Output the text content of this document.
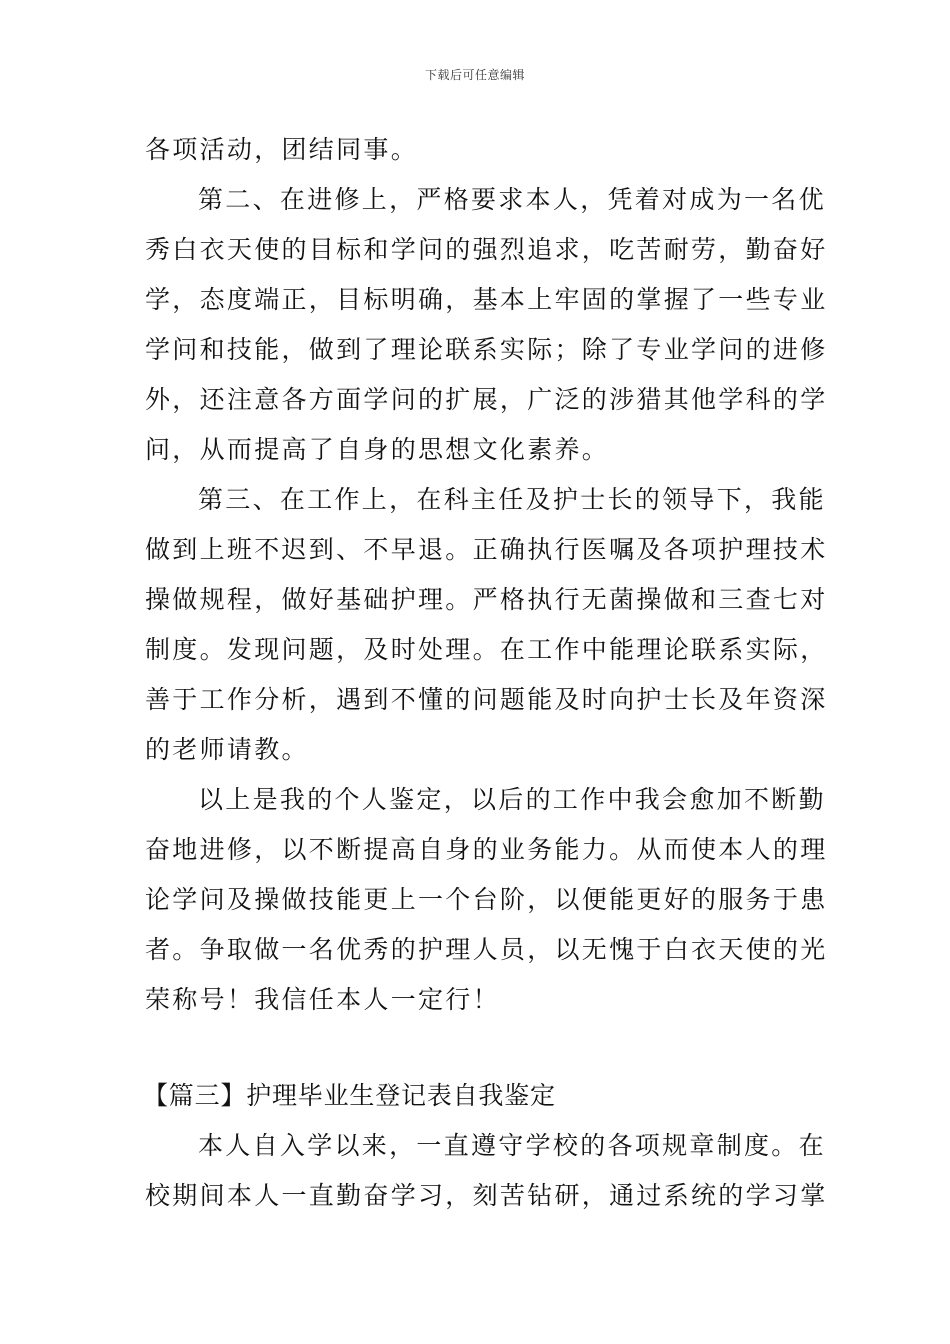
下载后可任意编辑
各项活动，团结同事。
第二、在进修上，严格要求本人，凭着对成为一名优
秀白衣天使的目标和学问的强烈追求，吃苦耐劳，勤奋好
学，态度端正，目标明确，基本上牢固的掌握了一些专业
学问和技能，做到了理论联系实际；除了专业学问的进修
外，还注意各方面学问的扩展，广泛的涉猎其他学科的学
问，从而提高了自身的思想文化素养。
第三、在工作上，在科主任及护士长的领导下，我能
做到上班不迟到、不早退。正确执行医嘱及各项护理技术
操做规程，做好基础护理。严格执行无菌操做和三查七对
制度。发现问题，及时处理。在工作中能理论联系实际，
善于工作分析，遇到不懂的问题能及时向护士长及年资深
的老师请教。
以上是我的个人鉴定，以后的工作中我会愈加不断勤
奋地进修，以不断提高自身的业务能力。从而使本人的理
论学问及操做技能更上一个台阶，以便能更好的服务于患
者。争取做一名优秀的护理人员，以无愧于白衣天使的光
荣称号！我信任本人一定行！
【篇三】护理毕业生登记表自我鉴定
本人自入学以来，一直遵守学校的各项规章制度。在
校期间本人一直勤奋学习，刻苦钻研，通过系统的学习掌
